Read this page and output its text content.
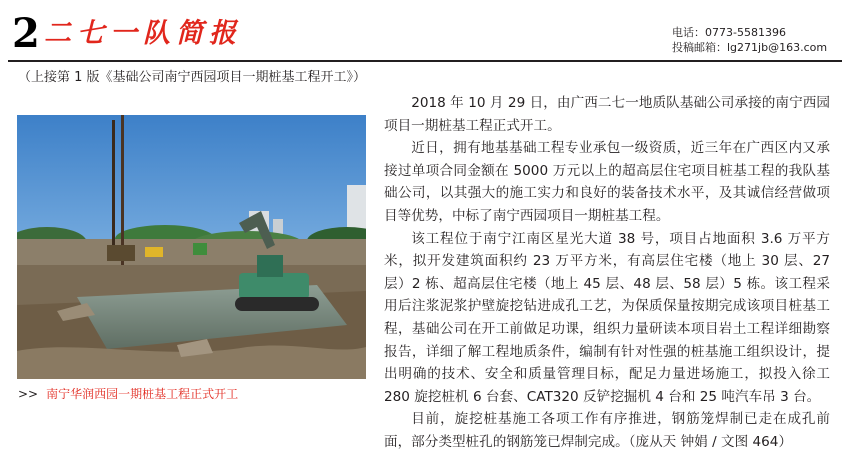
2 二七一队简报	电话：0773-5581396
投稿邮箱：lg271jb@163.com
（上接第 1 版《基础公司南宁西园项目一期桩基工程开工》）
>> 南宁华润西园一期桩基工程正式开工

2018 年 10 月 29 日，由广西二七一地质队基础公司承接的南宁西园项目一期桩基工程正式开工。

近日，拥有地基基础工程专业承包一级资质，近三年在广西区内又承接过单项合同金额在 5000 万元以上的超高层住宅项目桩基工程的我队基础公司，以其强大的施工实力和良好的装备技术水平，及其诚信经营做项目等优势，中标了南宁西园项目一期桩基工程。

该工程位于南宁江南区星光大道 38 号，项目占地面积 3.6 万平方米，拟开发建筑面积约 23 万平方米，有高层住宅楼（地上 30 层、27 层）2 栋、超高层住宅楼（地上 45 层、48 层、58 层）5 栋。该工程采用后注浆泥浆护壁旋挖钻进成孔工艺，为保质保量按期完成该项目桩基工程，基础公司在开工前做足功课，组织力量研读本项目岩土工程详细勘察报告，详细了解工程地质条件，编制有针对性强的桩基施工组织设计，提出明确的技术、安全和质量管理目标，配足力量进场施工，拟投入徐工 280 旋挖桩机 6 台套、CAT320 反铲挖掘机 4 台和 25 吨汽车吊 3 台。

目前，旋挖桩基施工各项工作有序推进，钢筋笼焊制已走在成孔前面，部分类型桩孔的钢筋笼已焊制完成。（庞从天 钟娟 / 文图 464）
